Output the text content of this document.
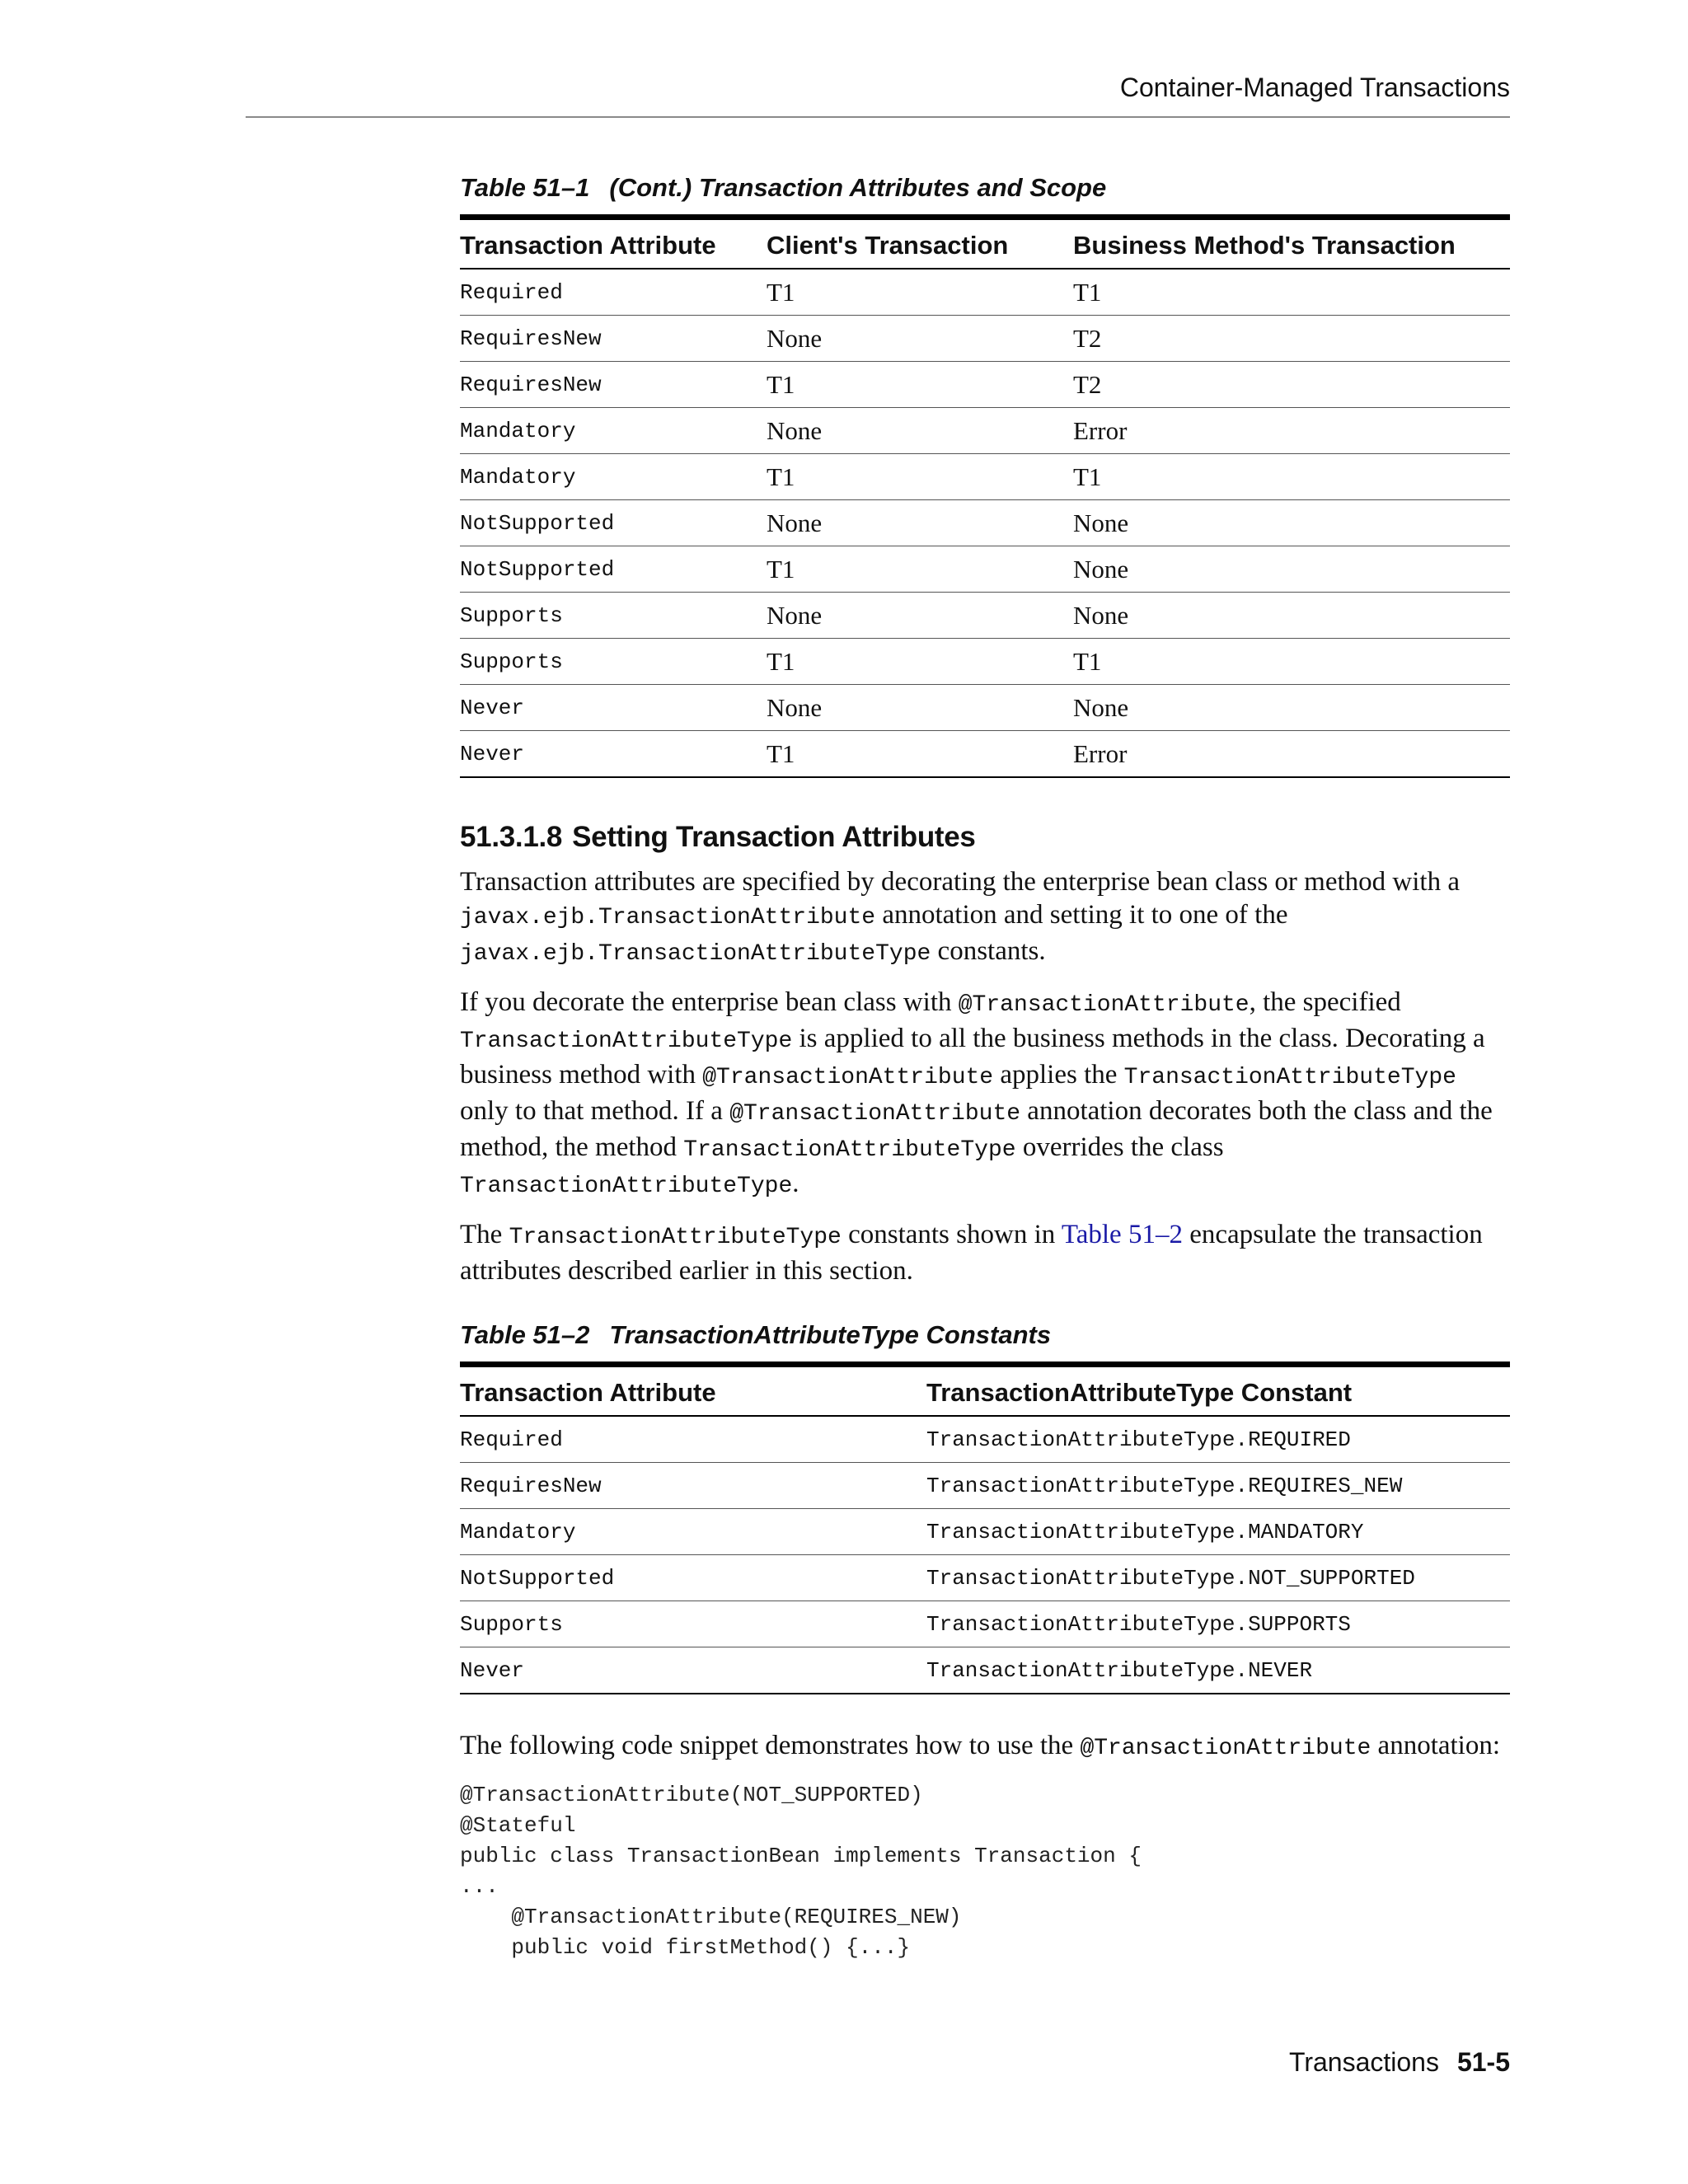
Container-Managed Transactions
Table 51–1 (Cont.) Transaction Attributes and Scope
Transaction Attribute	Client's Transaction	Business Method's Transaction
Required	T1	T1
RequiresNew	None	T2
RequiresNew	T1	T2
Mandatory	None	Error
Mandatory	T1	T1
NotSupported	None	None
NotSupported	T1	None
Supports	None	None
Supports	T1	T1
Never	None	None
Never	T1	Error
51.3.1.8 Setting Transaction Attributes

Transaction attributes are specified by decorating the enterprise bean class or method with a javax.ejb.TransactionAttribute annotation and setting it to one of the javax.ejb.TransactionAttributeType constants.

If you decorate the enterprise bean class with @TransactionAttribute, the specified TransactionAttributeType is applied to all the business methods in the class. Decorating a business method with @TransactionAttribute applies the TransactionAttributeType only to that method. If a @TransactionAttribute annotation decorates both the class and the method, the method TransactionAttributeType overrides the class TransactionAttributeType.

The TransactionAttributeType constants shown in Table 51–2 encapsulate the transaction attributes described earlier in this section.

Table 51–2 TransactionAttributeType Constants
Transaction Attribute	TransactionAttributeType Constant
Required	TransactionAttributeType.REQUIRED
RequiresNew	TransactionAttributeType.REQUIRES_NEW
Mandatory	TransactionAttributeType.MANDATORY
NotSupported	TransactionAttributeType.NOT_SUPPORTED
Supports	TransactionAttributeType.SUPPORTS
Never	TransactionAttributeType.NEVER

The following code snippet demonstrates how to use the @TransactionAttribute annotation:

@TransactionAttribute(NOT_SUPPORTED)
@Stateful
public class TransactionBean implements Transaction {
...
@TransactionAttribute(REQUIRES_NEW)
public void firstMethod() {...}
Transactions 51-5
